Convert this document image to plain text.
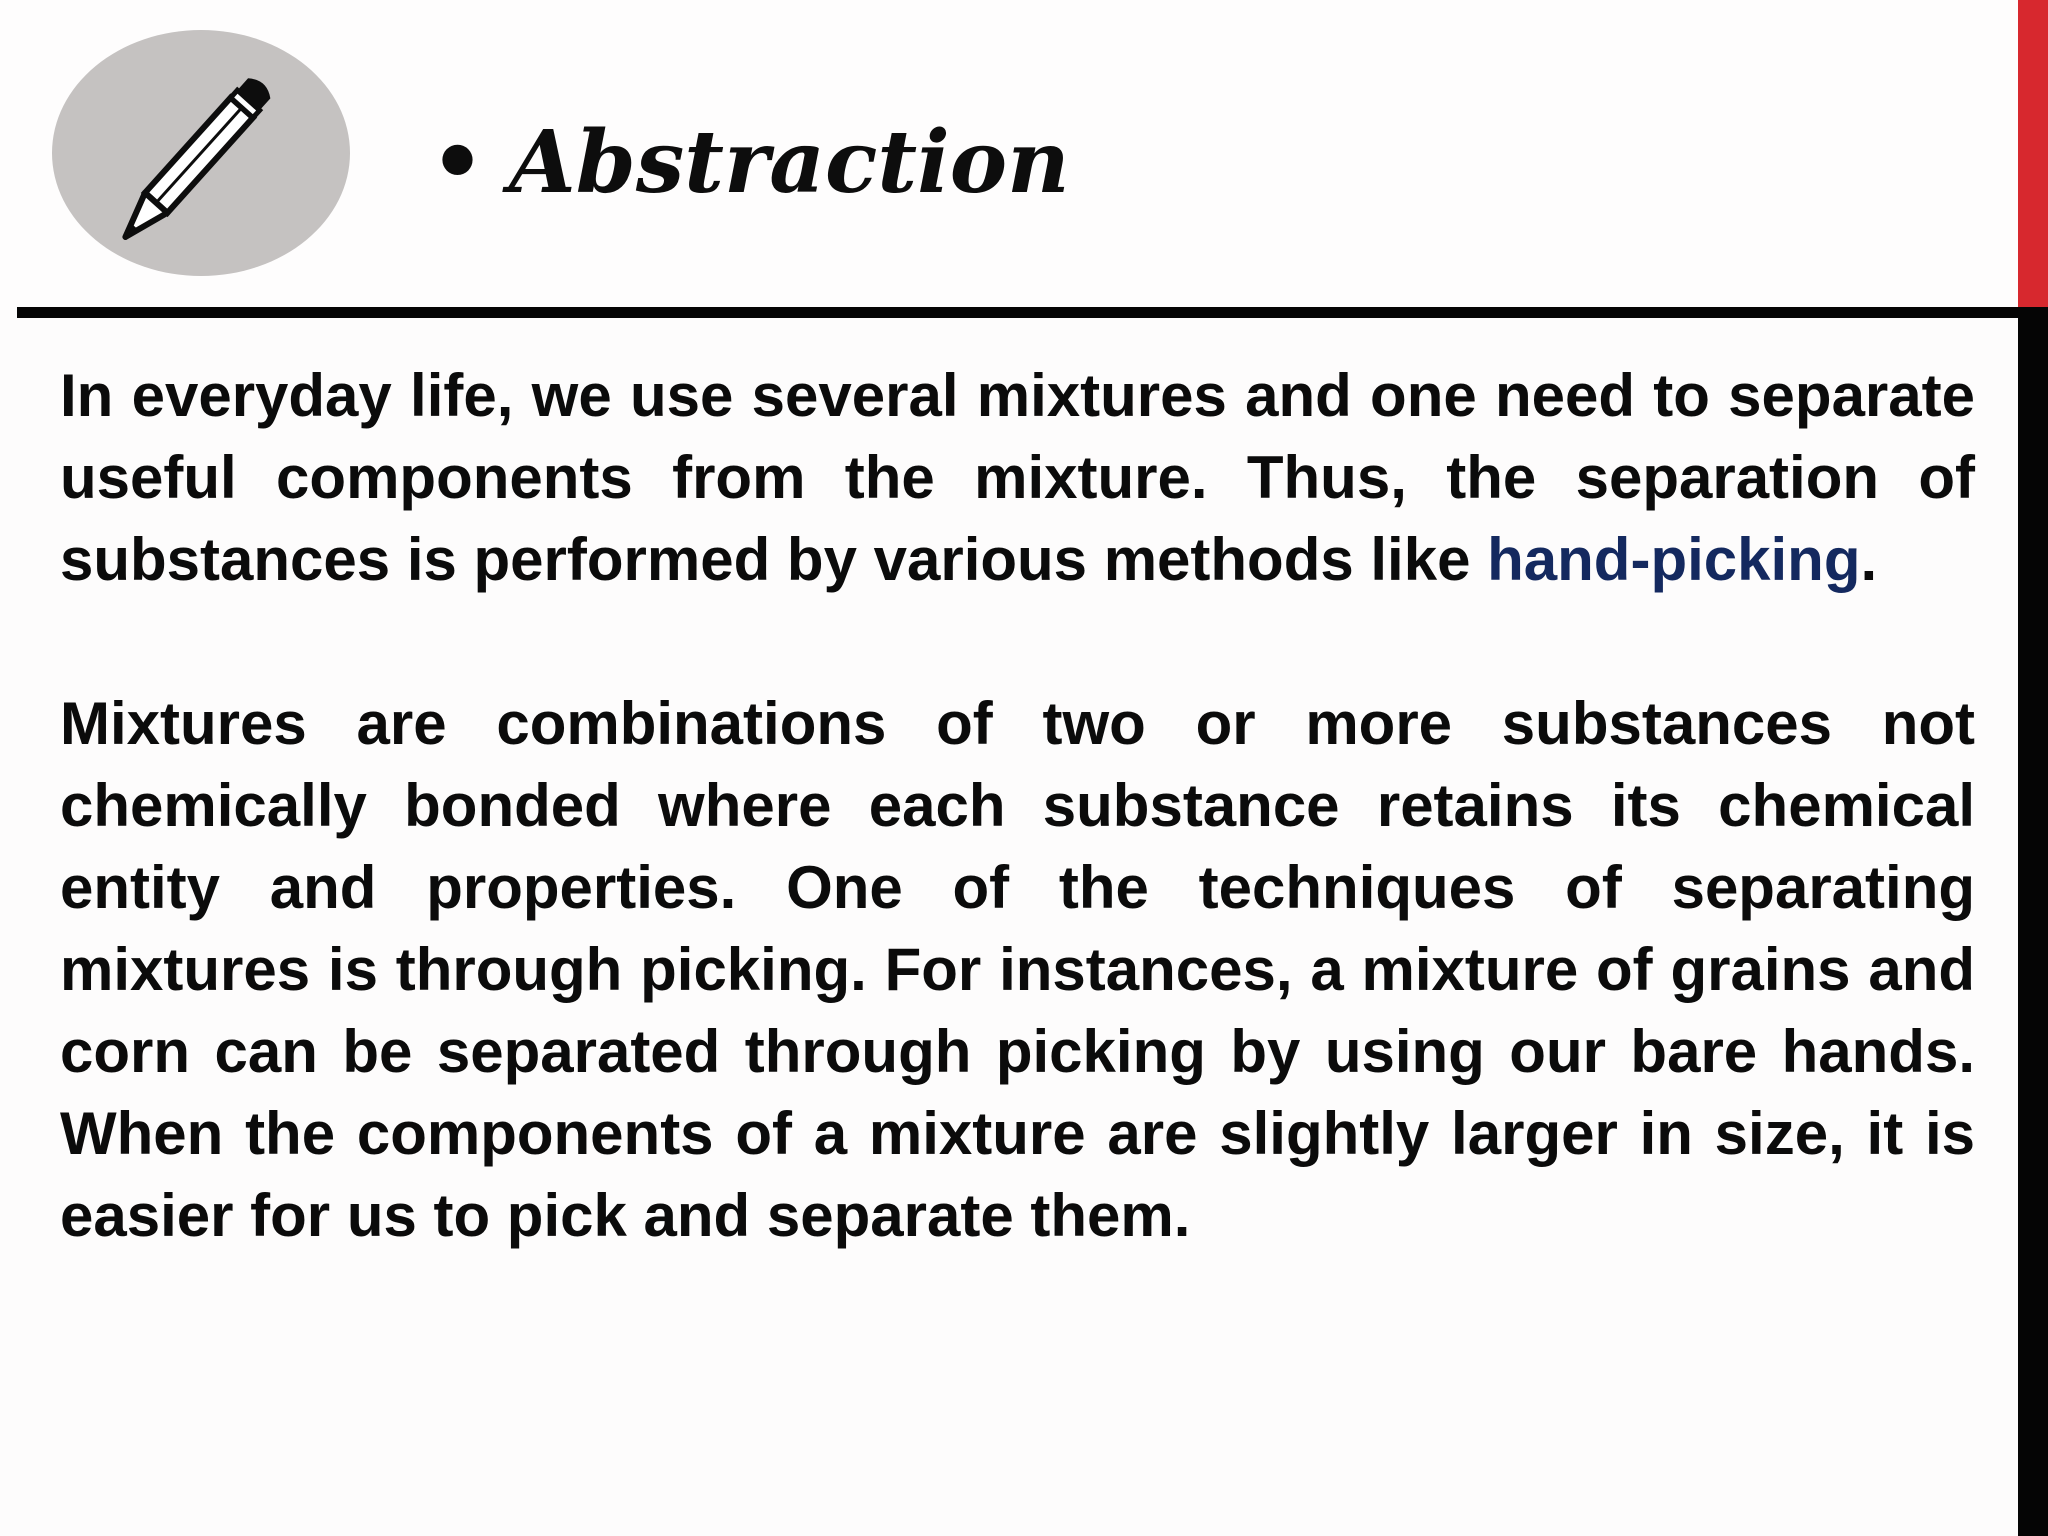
• Abstraction

In everyday life, we use several mixtures and one need to separate useful components from the mixture. Thus, the separation of substances is performed by various methods like hand-picking.

Mixtures are combinations of two or more substances not chemically bonded where each substance retains its chemical entity and properties. One of the techniques of separating mixtures is through picking. For instances, a mixture of grains and corn can be separated through picking by using our bare hands. When the components of a mixture are slightly larger in size, it is easier for us to pick and separate them.
